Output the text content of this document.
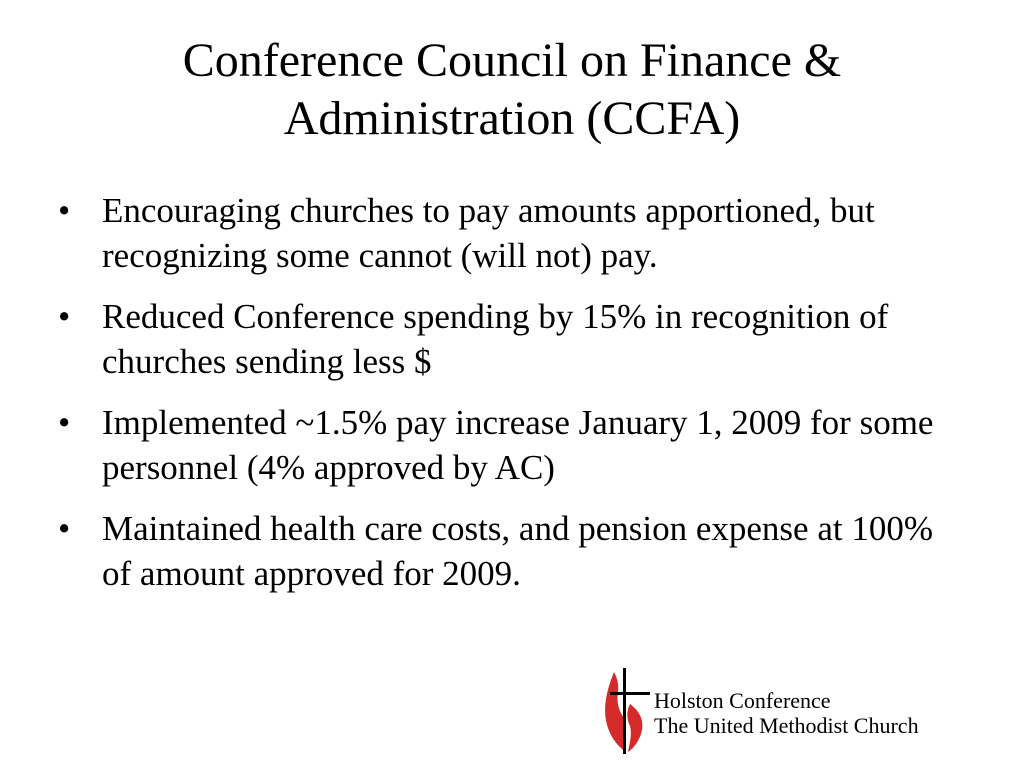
Conference Council on Finance &
Administration (CCFA)
• Encouraging churches to pay amounts apportioned, but recognizing some cannot (will not) pay.
• Reduced Conference spending by 15% in recognition of churches sending less $
• Implemented ~1.5% pay increase January 1, 2009 for some personnel (4% approved by AC)
• Maintained health care costs, and pension expense at 100% of amount approved for 2009.
Holston Conference
The United Methodist Church
